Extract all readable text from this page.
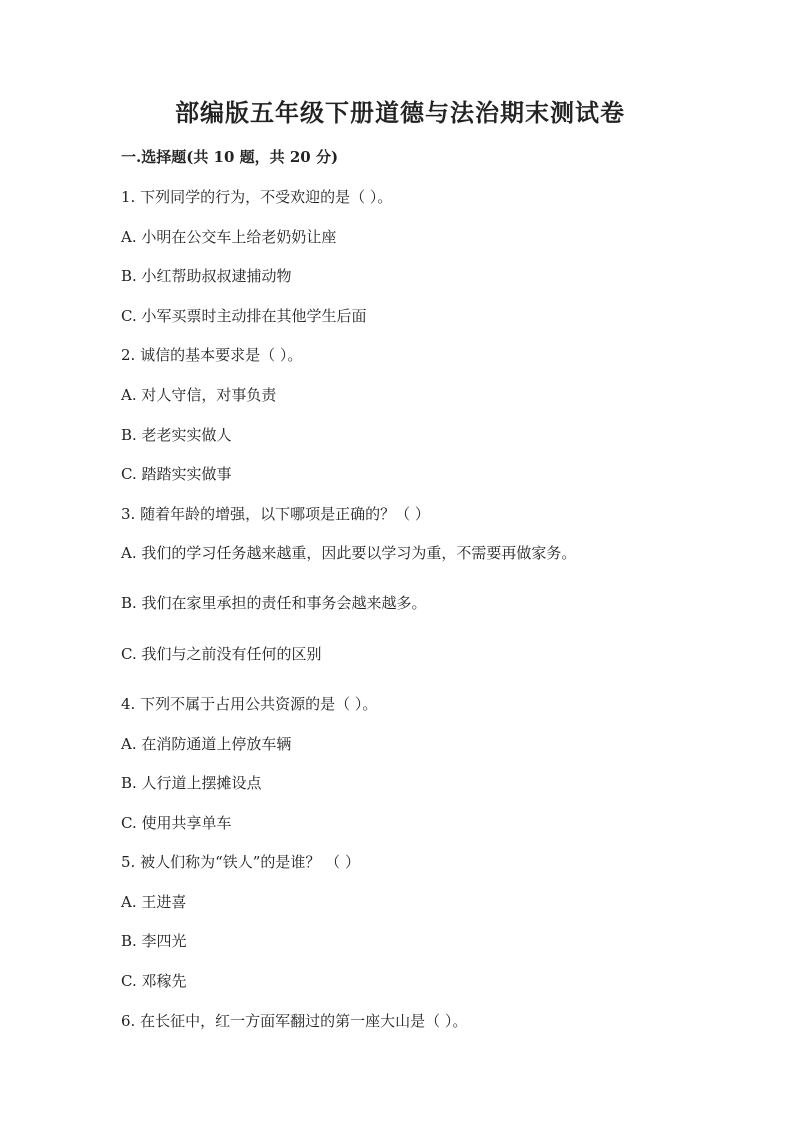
部编版五年级下册道德与法治期末测试卷
一.选择题(共 10 题，共 20 分)
1. 下列同学的行为，不受欢迎的是（ ）。
A. 小明在公交车上给老奶奶让座
B. 小红帮助叔叔逮捕动物
C. 小军买票时主动排在其他学生后面
2. 诚信的基本要求是（ ）。
A. 对人守信，对事负责
B. 老老实实做人
C. 踏踏实实做事
3. 随着年龄的增强，以下哪项是正确的？（ ）
A. 我们的学习任务越来越重，因此要以学习为重，不需要再做家务。
B. 我们在家里承担的责任和事务会越来越多。
C. 我们与之前没有任何的区别
4. 下列不属于占用公共资源的是（ ）。
A. 在消防通道上停放车辆
B. 人行道上摆摊设点
C. 使用共享单车
5. 被人们称为“铁人”的是谁？ （ ）
A. 王进喜
B. 李四光
C. 邓稼先
6. 在长征中，红一方面军翻过的第一座大山是（ ）。
